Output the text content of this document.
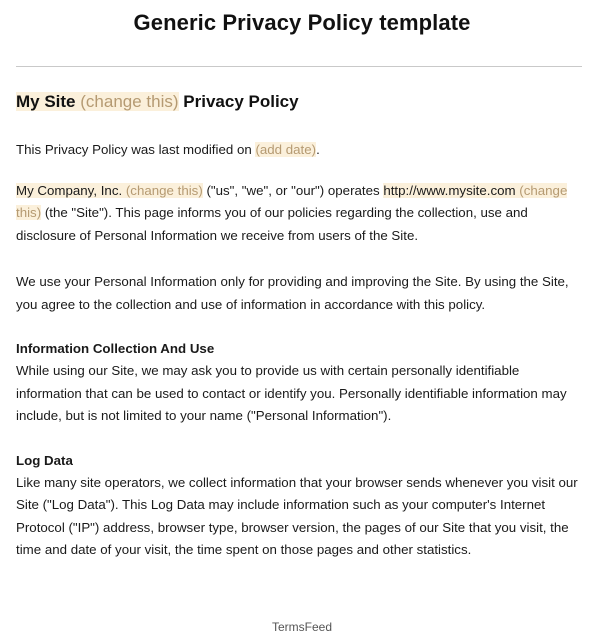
Generic Privacy Policy template
My Site (change this) Privacy Policy

This Privacy Policy was last modified on (add date).

My Company, Inc. (change this) ("us", "we", or "our") operates http://www.mysite.com (change this) (the "Site"). This page informs you of our policies regarding the collection, use and disclosure of Personal Information we receive from users of the Site.

We use your Personal Information only for providing and improving the Site. By using the Site, you agree to the collection and use of information in accordance with this policy.

Information Collection And Use

While using our Site, we may ask you to provide us with certain personally identifiable information that can be used to contact or identify you. Personally identifiable information may include, but is not limited to your name ("Personal Information").

Log Data

Like many site operators, we collect information that your browser sends whenever you visit our Site ("Log Data"). This Log Data may include information such as your computer's Internet Protocol ("IP") address, browser type, browser version, the pages of our Site that you visit, the time and date of your visit, the time spent on those pages and other statistics.

TermsFeed
